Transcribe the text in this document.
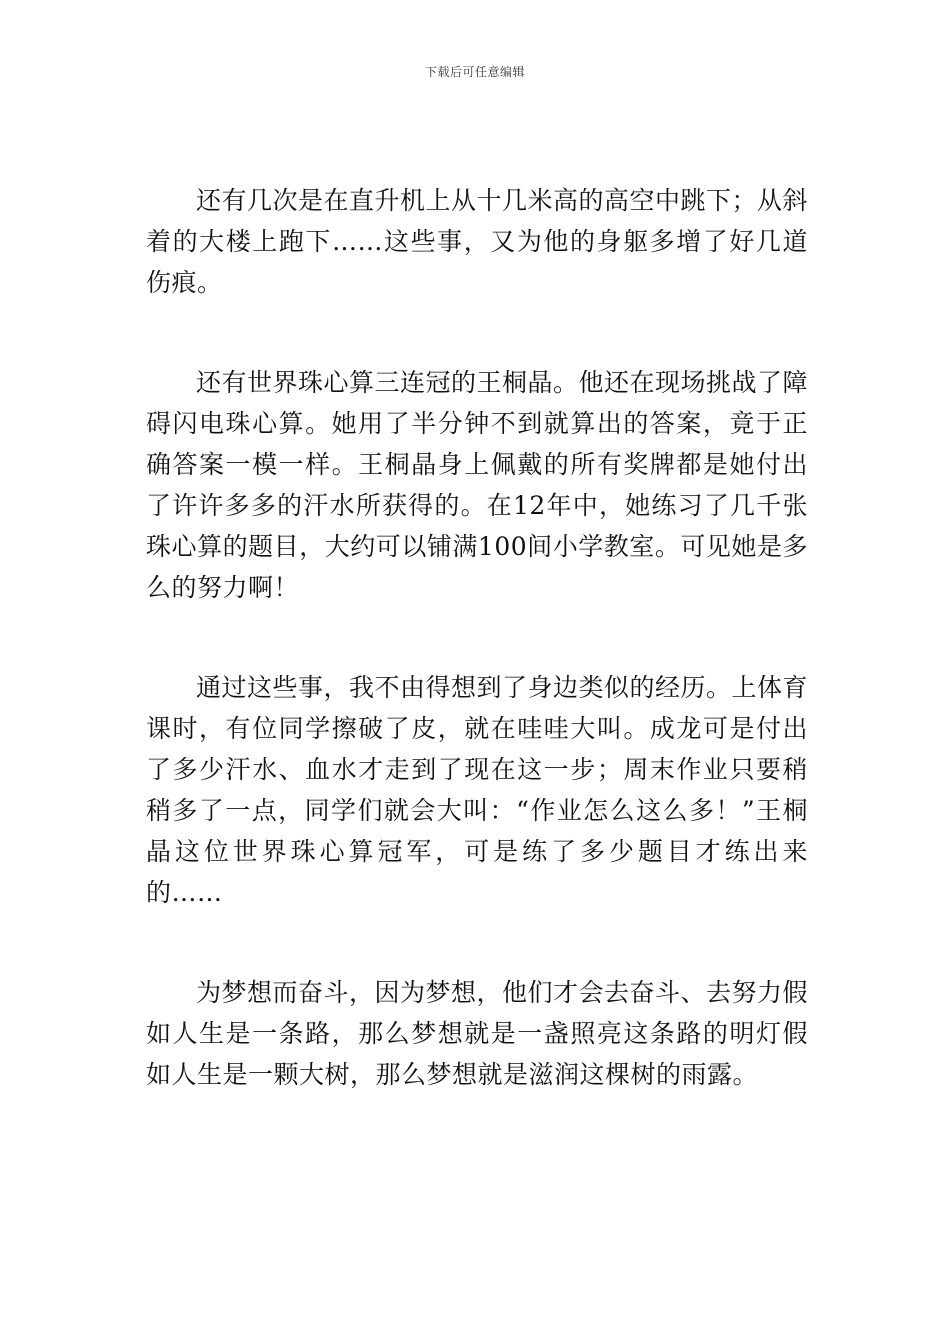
下载后可任意编辑

还有几次是在直升机上从十几米高的高空中跳下；从斜着的大楼上跑下……这些事，又为他的身躯多增了好几道伤痕。

还有世界珠心算三连冠的王桐晶。他还在现场挑战了障碍闪电珠心算。她用了半分钟不到就算出的答案，竟于正确答案一模一样。王桐晶身上佩戴的所有奖牌都是她付出了许许多多的汗水所获得的。在12年中，她练习了几千张珠心算的题目，大约可以铺满100间小学教室。可见她是多么的努力啊！

通过这些事，我不由得想到了身边类似的经历。上体育课时，有位同学擦破了皮，就在哇哇大叫。成龙可是付出了多少汗水、血水才走到了现在这一步；周末作业只要稍稍多了一点，同学们就会大叫：“作业怎么这么多！”王桐晶这位世界珠心算冠军，可是练了多少题目才练出来的……

为梦想而奋斗，因为梦想，他们才会去奋斗、去努力假如人生是一条路，那么梦想就是一盏照亮这条路的明灯假如人生是一颗大树，那么梦想就是滋润这棵树的雨露。
